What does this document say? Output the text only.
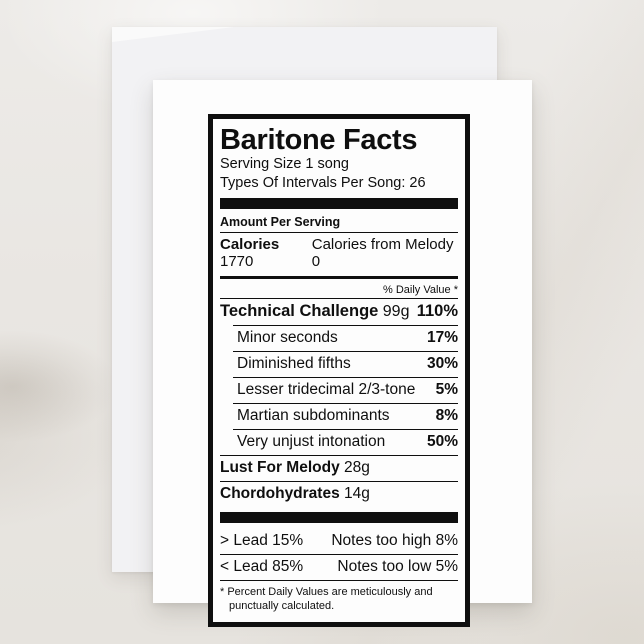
Baritone Facts
Serving Size 1 song
Types Of Intervals Per Song: 26
Amount Per Serving
Calories 1770
Calories from Melody 0
% Daily Value *
Technical Challenge 99g 110%
Minor seconds	17%
Diminished fifths	30%
Lesser tridecimal 2/3-tone 5%
Martian subdominants	8%
Very unjust intonation	50%
Lust For Melody 28g
Chordohydrates 14g
> Lead 15% Notes too high 8%
< Lead 85% Notes too low 5%
* Percent Daily Values are meticulously and punctually calculated.
